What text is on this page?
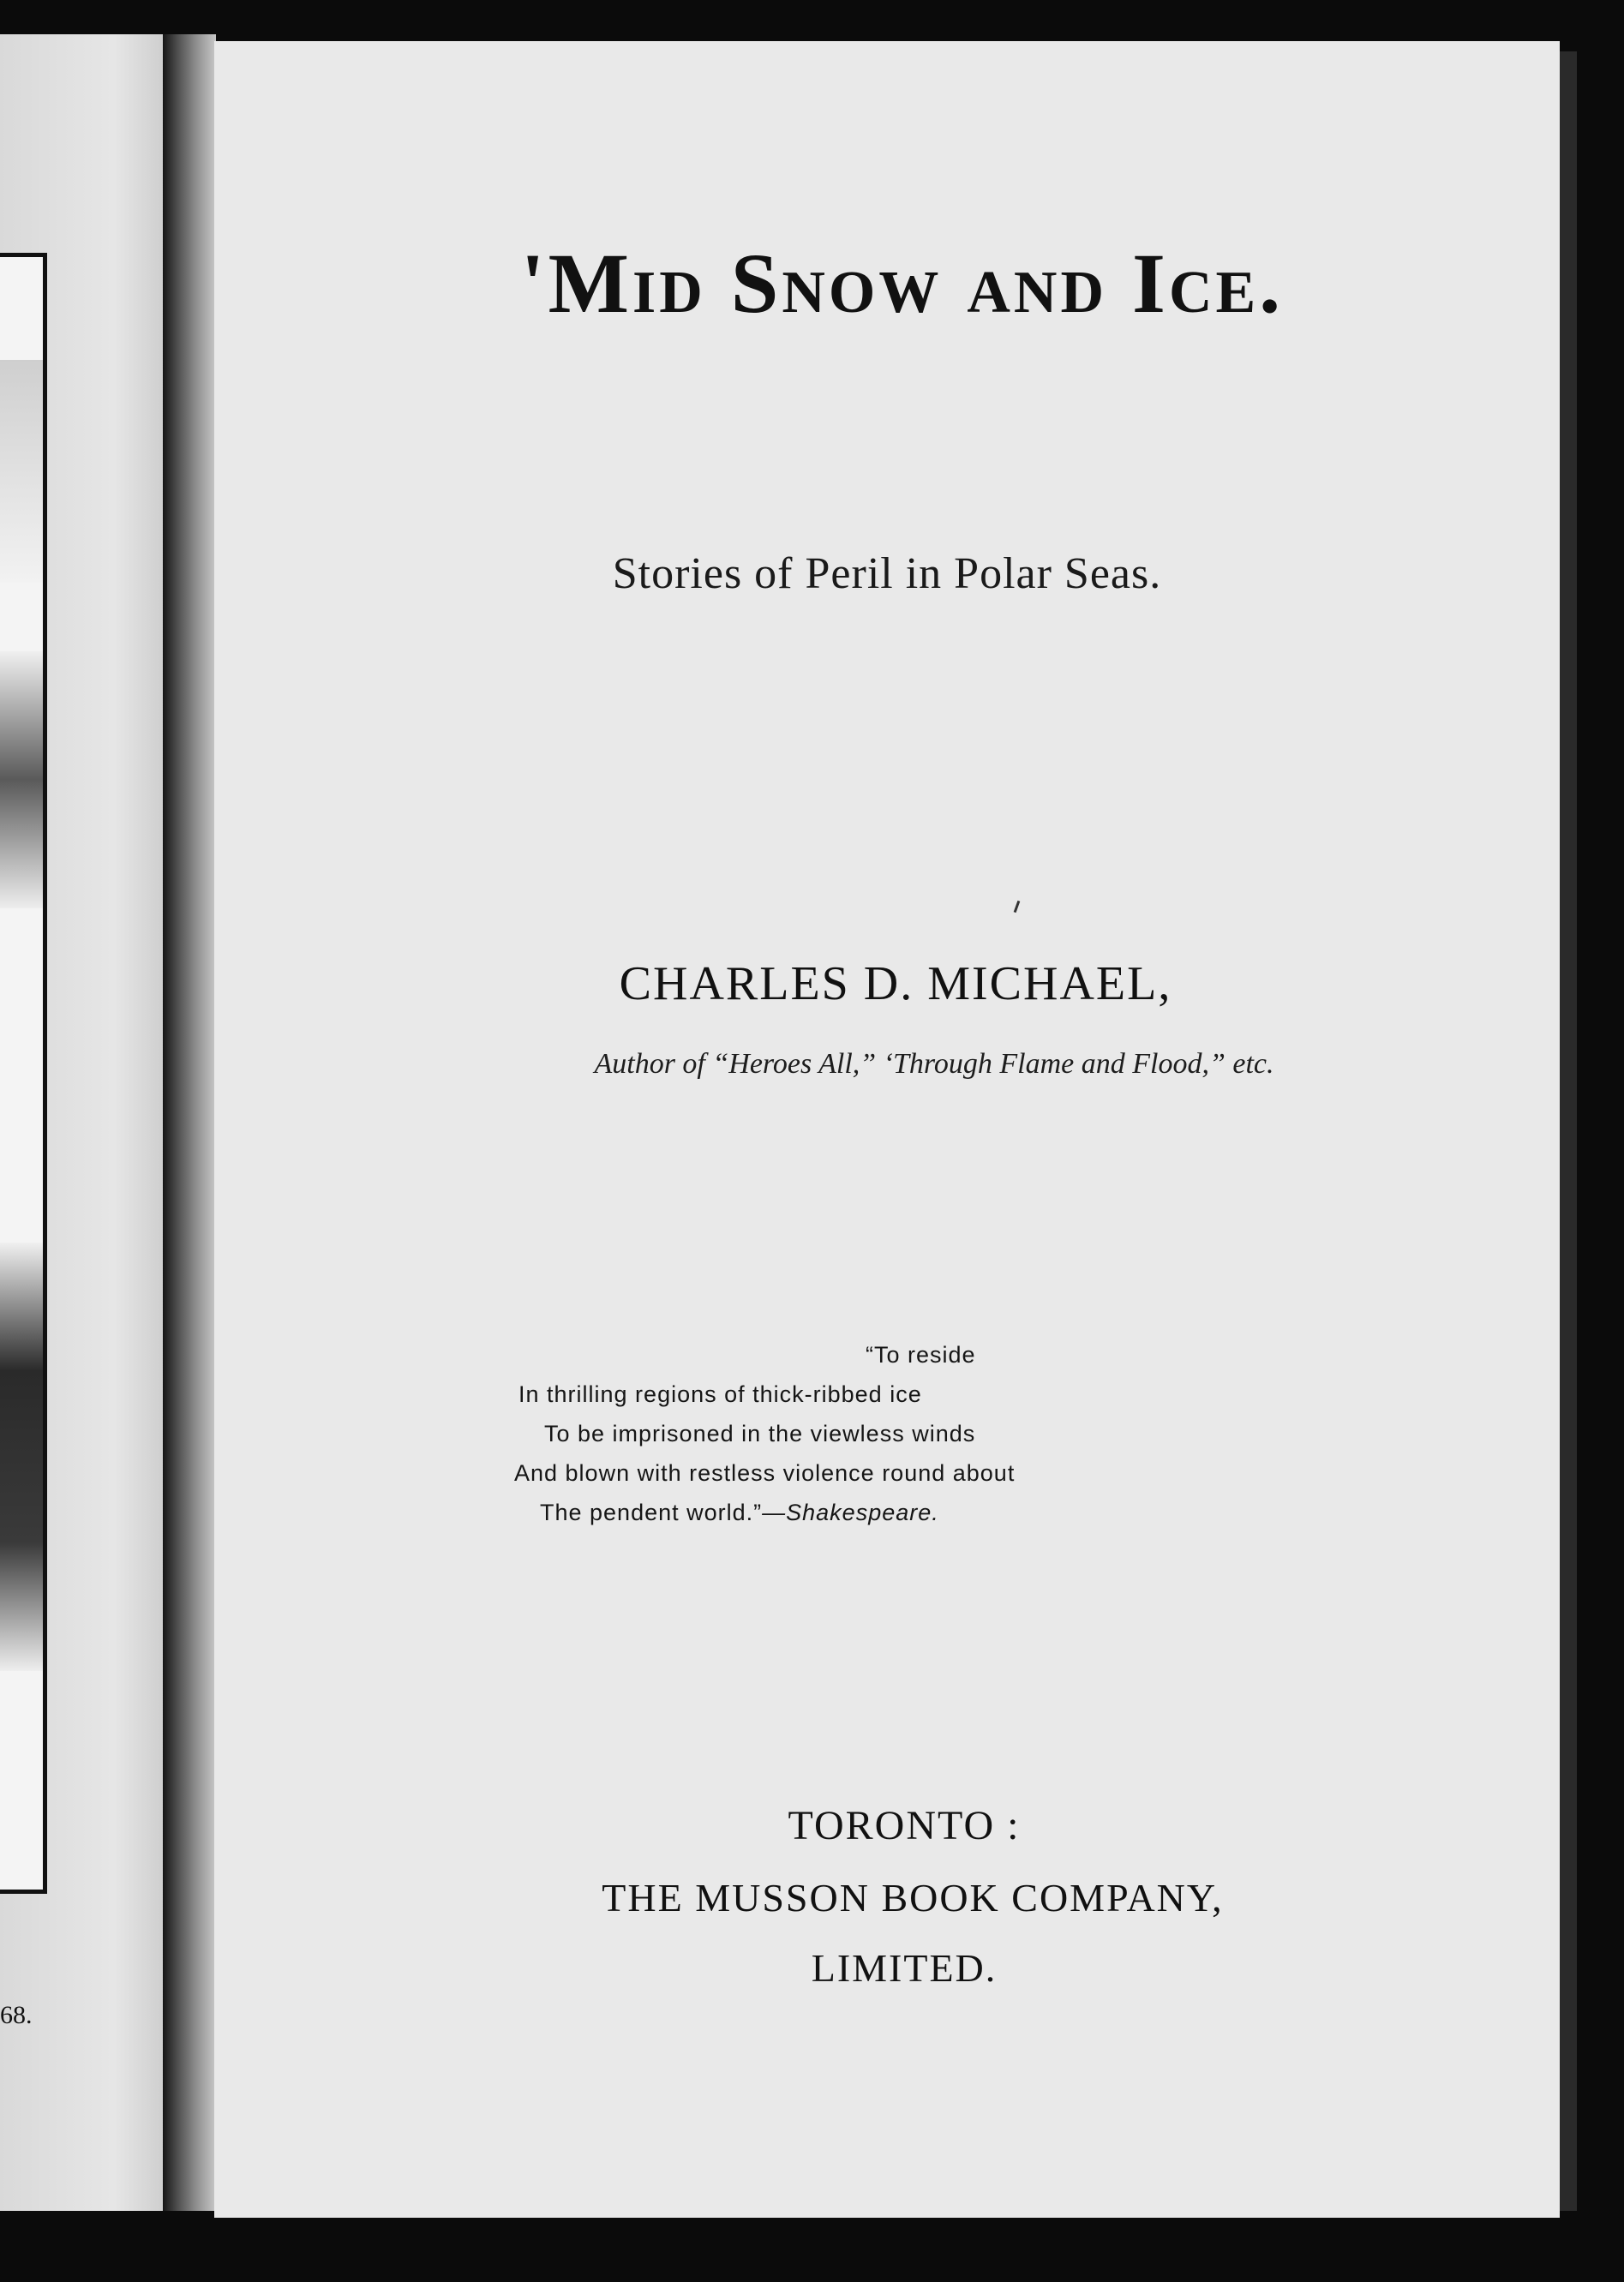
68.
'Mid Snow and Ice.
Stories of Peril in Polar Seas.
CHARLES D. MICHAEL,
Author of “Heroes All,” ‘Through Flame and Flood,” etc.
“To reside
In thrilling regions of thick-ribbed ice
To be imprisoned in the viewless winds
And blown with restless violence round about
The pendent world.”—Shakespeare.
TORONTO :
THE MUSSON BOOK COMPANY,
LIMITED.
